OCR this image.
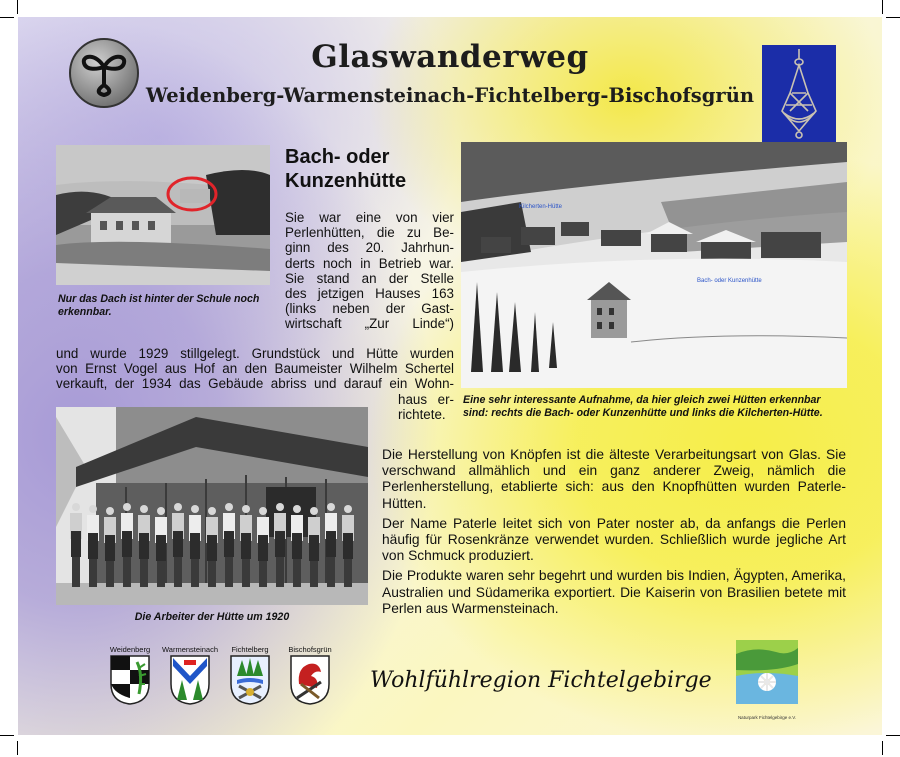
Glaswanderweg
Weidenberg-Warmensteinach-Fichtelberg-Bischofsgrün
Nur das Dach ist hinter der Schule noch erkennbar.
Bach- oder
Kunzenhütte
Sie war eine von vier
Perlenhütten, die zu Be-
ginn des 20. Jahrhun-
derts noch in Betrieb war.
Sie stand an der Stelle
des jetzigen Hauses 163
(links neben der Gast-
wirtschaft „Zur Linde“)
und wurde 1929 stillgelegt. Grundstück und Hütte wurden
von Ernst Vogel aus Hof an den Baumeister Wilhelm Schertel
verkauft, der 1934 das Gebäude abriss und darauf ein Wohn-
haus er-
richtete.
Kilcherten-Hütte
Bach- oder Kunzenhütte
Eine sehr interessante Aufnahme, da hier gleich zwei Hütten erkennbar sind: rechts die Bach- oder Kunzenhütte und links die Kilcherten-Hütte.
Die Arbeiter der Hütte um 1920

Die Herstellung von Knöpfen ist die älteste Verarbeitungsart von Glas. Sie verschwand allmählich und ein ganz anderer Zweig, nämlich die Perlenherstellung, etablierte sich: aus den Knopfhütten wurden Paterle-Hütten.

Der Name Paterle leitet sich von Pater noster ab, da anfangs die Perlen häufig für Rosenkränze verwendet wurden. Schließlich wurde jegliche Art von Schmuck produziert.

Die Produkte waren sehr begehrt und wurden bis Indien, Ägypten, Amerika, Australien und Südamerika exportiert. Die Kaiserin von Brasilien betete mit Perlen aus Warmensteinach.

Weidenberg	Warmensteinach	Fichtelberg	Bischofsgrün
Wohlfühlregion Fichtelgebirge
Naturpark Fichtelgebirge e.V.
